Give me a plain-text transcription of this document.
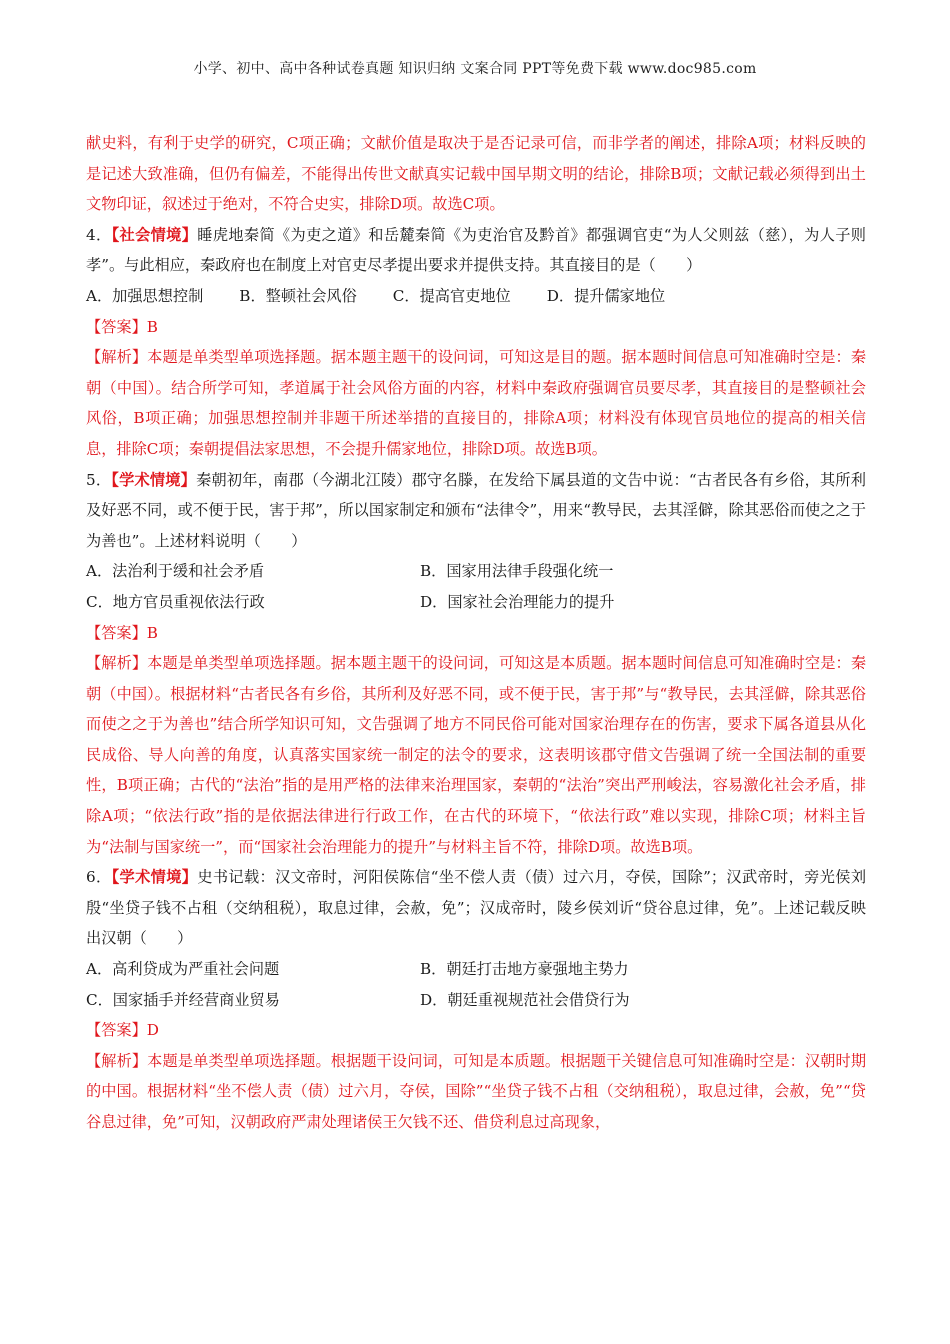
小学、初中、高中各种试卷真题 知识归纳 文案合同 PPT等免费下载 www.doc985.com

献史料，有利于史学的研究，C项正确；文献价值是取决于是否记录可信，而非学者的阐述，排除A项；材料反映的是记述大致准确，但仍有偏差，不能得出传世文献真实记载中国早期文明的结论，排除B项；文献记载必须得到出土文物印证，叙述过于绝对，不符合史实，排除D项。故选C项。

4．【社会情境】睡虎地秦简《为吏之道》和岳麓秦简《为吏治官及黔首》都强调官吏“为人父则兹（慈），为人子则孝”。与此相应，秦政府也在制度上对官吏尽孝提出要求并提供支持。其直接目的是（　　）

A．加强思想控制 B．整顿社会风俗 C．提高官吏地位 D．提升儒家地位

【答案】B

【解析】本题是单类型单项选择题。据本题主题干的设问词，可知这是目的题。据本题时间信息可知准确时空是：秦朝（中国）。结合所学可知，孝道属于社会风俗方面的内容，材料中秦政府强调官员要尽孝，其直接目的是整顿社会风俗，B项正确；加强思想控制并非题干所述举措的直接目的，排除A项；材料没有体现官员地位的提高的相关信息，排除C项；秦朝提倡法家思想，不会提升儒家地位，排除D项。故选B项。

5．【学术情境】秦朝初年，南郡（今湖北江陵）郡守名滕，在发给下属县道的文告中说：“古者民各有乡俗，其所利及好恶不同，或不便于民，害于邦”，所以国家制定和颁布“法律令”，用来“教导民，去其淫僻，除其恶俗而使之之于为善也”。上述材料说明（　　）

A．法治利于缓和社会矛盾	B．国家用法律手段强化统一
C．地方官员重视依法行政	D．国家社会治理能力的提升

【答案】B

【解析】本题是单类型单项选择题。据本题主题干的设问词，可知这是本质题。据本题时间信息可知准确时空是：秦朝（中国）。根据材料“古者民各有乡俗，其所利及好恶不同，或不便于民，害于邦”与“教导民，去其淫僻，除其恶俗而使之之于为善也”结合所学知识可知，文告强调了地方不同民俗可能对国家治理存在的伤害，要求下属各道县从化民成俗、导人向善的角度，认真落实国家统一制定的法令的要求，这表明该郡守借文告强调了统一全国法制的重要性，B项正确；古代的“法治”指的是用严格的法律来治理国家，秦朝的“法治”突出严刑峻法，容易激化社会矛盾，排除A项；“依法行政”指的是依据法律进行行政工作，在古代的环境下，“依法行政”难以实现，排除C项；材料主旨为“法制与国家统一”，而“国家社会治理能力的提升”与材料主旨不符，排除D项。故选B项。

6．【学术情境】史书记载：汉文帝时，河阳侯陈信“坐不偿人责（债）过六月，夺侯，国除”；汉武帝时，旁光侯刘殷“坐贷子钱不占租（交纳租税），取息过律，会赦，免”；汉成帝时，陵乡侯刘䜣“贷谷息过律，免”。上述记载反映出汉朝（　　）

A．高利贷成为严重社会问题	B．朝廷打击地方豪强地主势力
C．国家插手并经营商业贸易	D．朝廷重视规范社会借贷行为

【答案】D

【解析】本题是单类型单项选择题。根据题干设问词，可知是本质题。根据题干关键信息可知准确时空是：汉朝时期的中国。根据材料“坐不偿人责（债）过六月，夺侯，国除”“坐贷子钱不占租（交纳租税），取息过律，会赦，免”“贷谷息过律，免”可知，汉朝政府严肃处理诸侯王欠钱不还、借贷利息过高现象，
